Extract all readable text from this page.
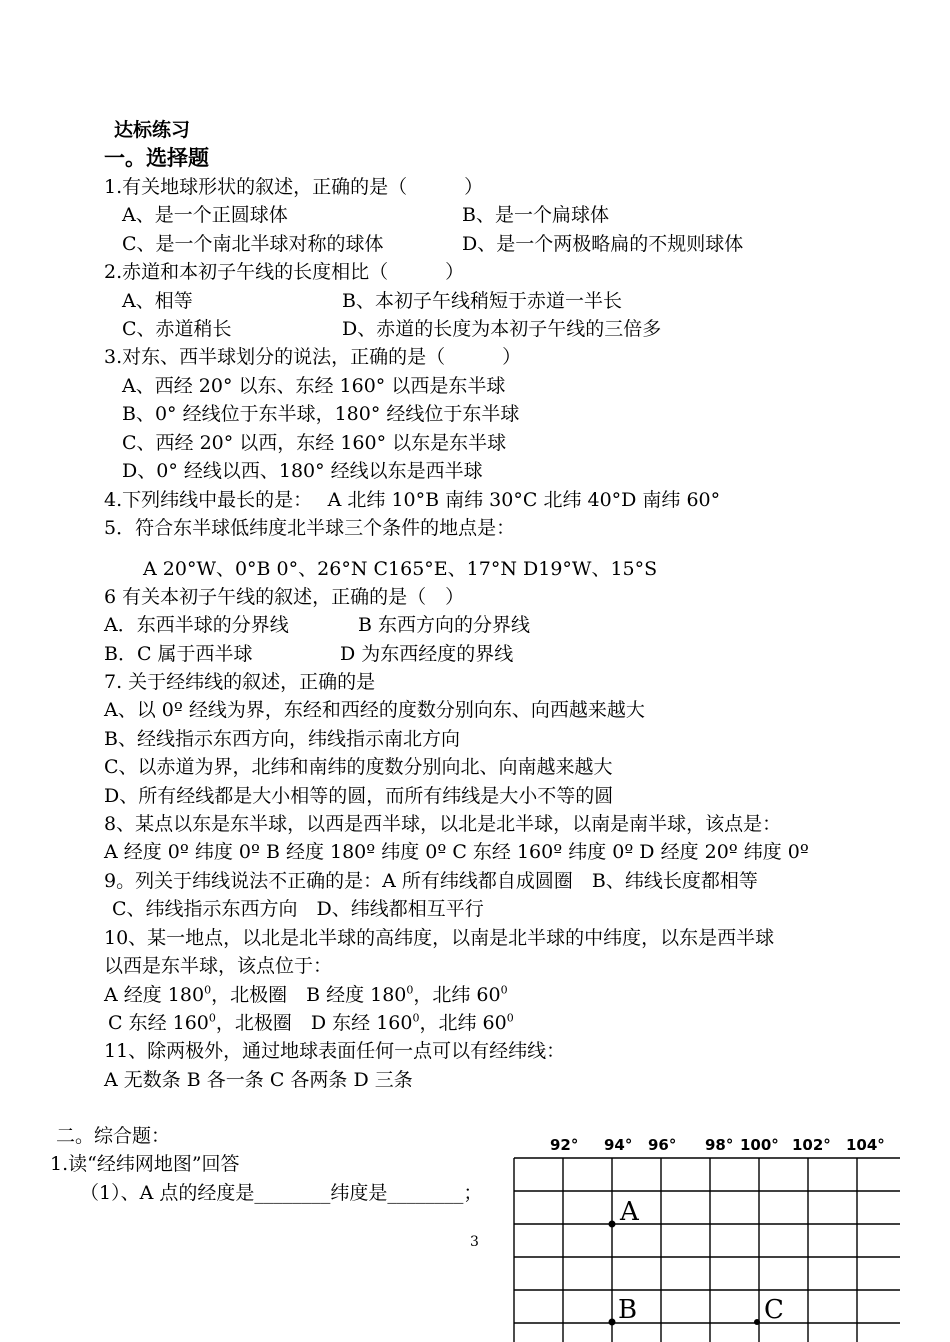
达标练习
一。选择题
1.有关地球形状的叙述，正确的是（　　　）
A、是一个正圆球体	B、是一个扁球体
C、是一个南北半球对称的球体	D、是一个两极略扁的不规则球体
2.赤道和本初子午线的长度相比（　　　）
A、相等	B、本初子午线稍短于赤道一半长
C、赤道稍长	D、赤道的长度为本初子午线的三倍多
3.对东、西半球划分的说法，正确的是（　　　）
A、西经 20° 以东、东经 160° 以西是东半球
B、0° 经线位于东半球，180° 经线位于东半球
C、西经 20° 以西，东经 160° 以东是东半球
D、0° 经线以西、180° 经线以东是西半球
4.下列纬线中最长的是：　 A 北纬 10°B 南纬 30°C 北纬 40°D 南纬 60°
5．符合东半球低纬度北半球三个条件的地点是：
A 20°W、0°B 0°、26°N C165°E、17°N D19°W、15°S
6 有关本初子午线的叙述，正确的是（　）
A．东西半球的分界线	B 东西方向的分界线
B．C 属于西半球	D 为东西经度的界线
7. 关于经纬线的叙述，正确的是
A、以 0º 经线为界，东经和西经的度数分别向东、向西越来越大
B、经线指示东西方向，纬线指示南北方向
C、以赤道为界，北纬和南纬的度数分别向北、向南越来越大
D、所有经线都是大小相等的圆，而所有纬线是大小不等的圆
8、某点以东是东半球，以西是西半球，以北是北半球，以南是南半球，该点是：
A 经度 0º 纬度 0º B 经度 180º 纬度 0º C 东经 160º 纬度 0º D 经度 20º 纬度 0º
9。列关于纬线说法不正确的是：A 所有纬线都自成圆圈　B、纬线长度都相等
C、纬线指示东西方向　D、纬线都相互平行
10、某一地点，以北是北半球的高纬度，以南是北半球的中纬度，以东是西半球
以西是东半球，该点位于：
A 经度 $180^0$，北极圈　B 经度 $180^0$，北纬 $60^0$
C 东经 $160^0$，北极圈　D 东经 $160^0$，北纬 $60^0$
11、除两极外，通过地球表面任何一点可以有经纬线：
A 无数条 B 各一条 C 各两条 D 三条
二。综合题：
1.读“经纬网地图”回答
（1）、A 点的经度是________纬度是________；
3
92° 94° 96° 98° 100° 102° 104°
A
B	C
